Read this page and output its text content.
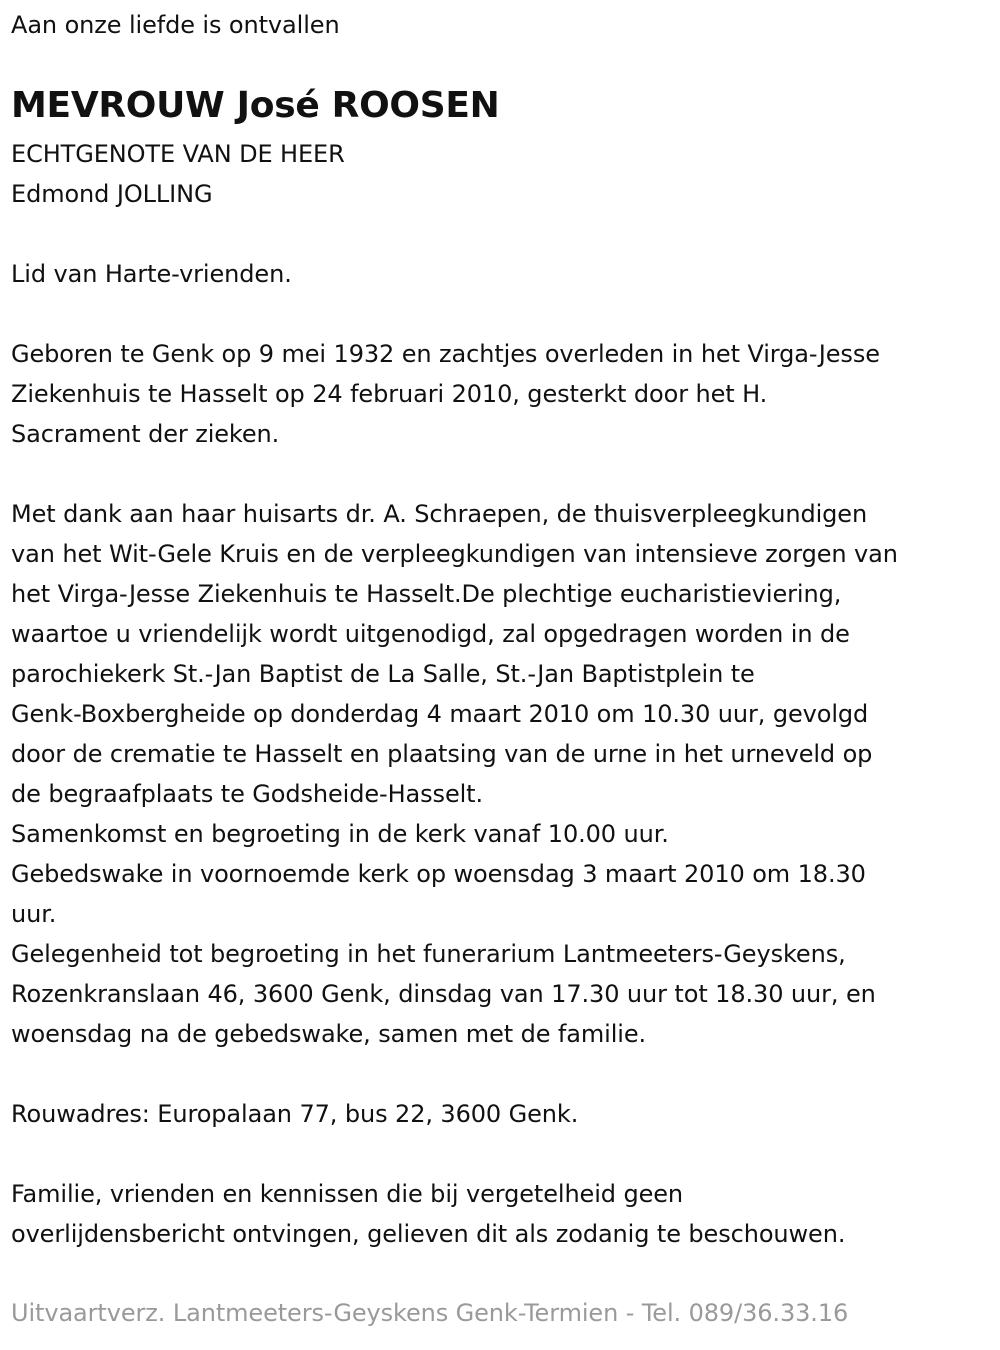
Aan onze liefde is ontvallen
MEVROUW José ROOSEN
ECHTGENOTE VAN DE HEER
Edmond JOLLING
Lid van Harte-vrienden.
Geboren te Genk op 9 mei 1932 en zachtjes overleden in het Virga-Jesse
Ziekenhuis te Hasselt op 24 februari 2010, gesterkt door het H.
Sacrament der zieken.
Met dank aan haar huisarts dr. A. Schraepen, de thuisverpleegkundigen
van het Wit-Gele Kruis en de verpleegkundigen van intensieve zorgen van
het Virga-Jesse Ziekenhuis te Hasselt.De plechtige eucharistieviering,
waartoe u vriendelijk wordt uitgenodigd, zal opgedragen worden in de
parochiekerk St.-Jan Baptist de La Salle, St.-Jan Baptistplein te
Genk-Boxbergheide op donderdag 4 maart 2010 om 10.30 uur, gevolgd
door de crematie te Hasselt en plaatsing van de urne in het urneveld op
de begraafplaats te Godsheide-Hasselt.
Samenkomst en begroeting in de kerk vanaf 10.00 uur.
Gebedswake in voornoemde kerk op woensdag 3 maart 2010 om 18.30
uur.
Gelegenheid tot begroeting in het funerarium Lantmeeters-Geyskens,
Rozenkranslaan 46, 3600 Genk, dinsdag van 17.30 uur tot 18.30 uur, en
woensdag na de gebedswake, samen met de familie.
Rouwadres: Europalaan 77, bus 22, 3600 Genk.
Familie, vrienden en kennissen die bij vergetelheid geen
overlijdensbericht ontvingen, gelieven dit als zodanig te beschouwen.
Uitvaartverz. Lantmeeters-Geyskens Genk-Termien - Tel. 089/36.33.16
